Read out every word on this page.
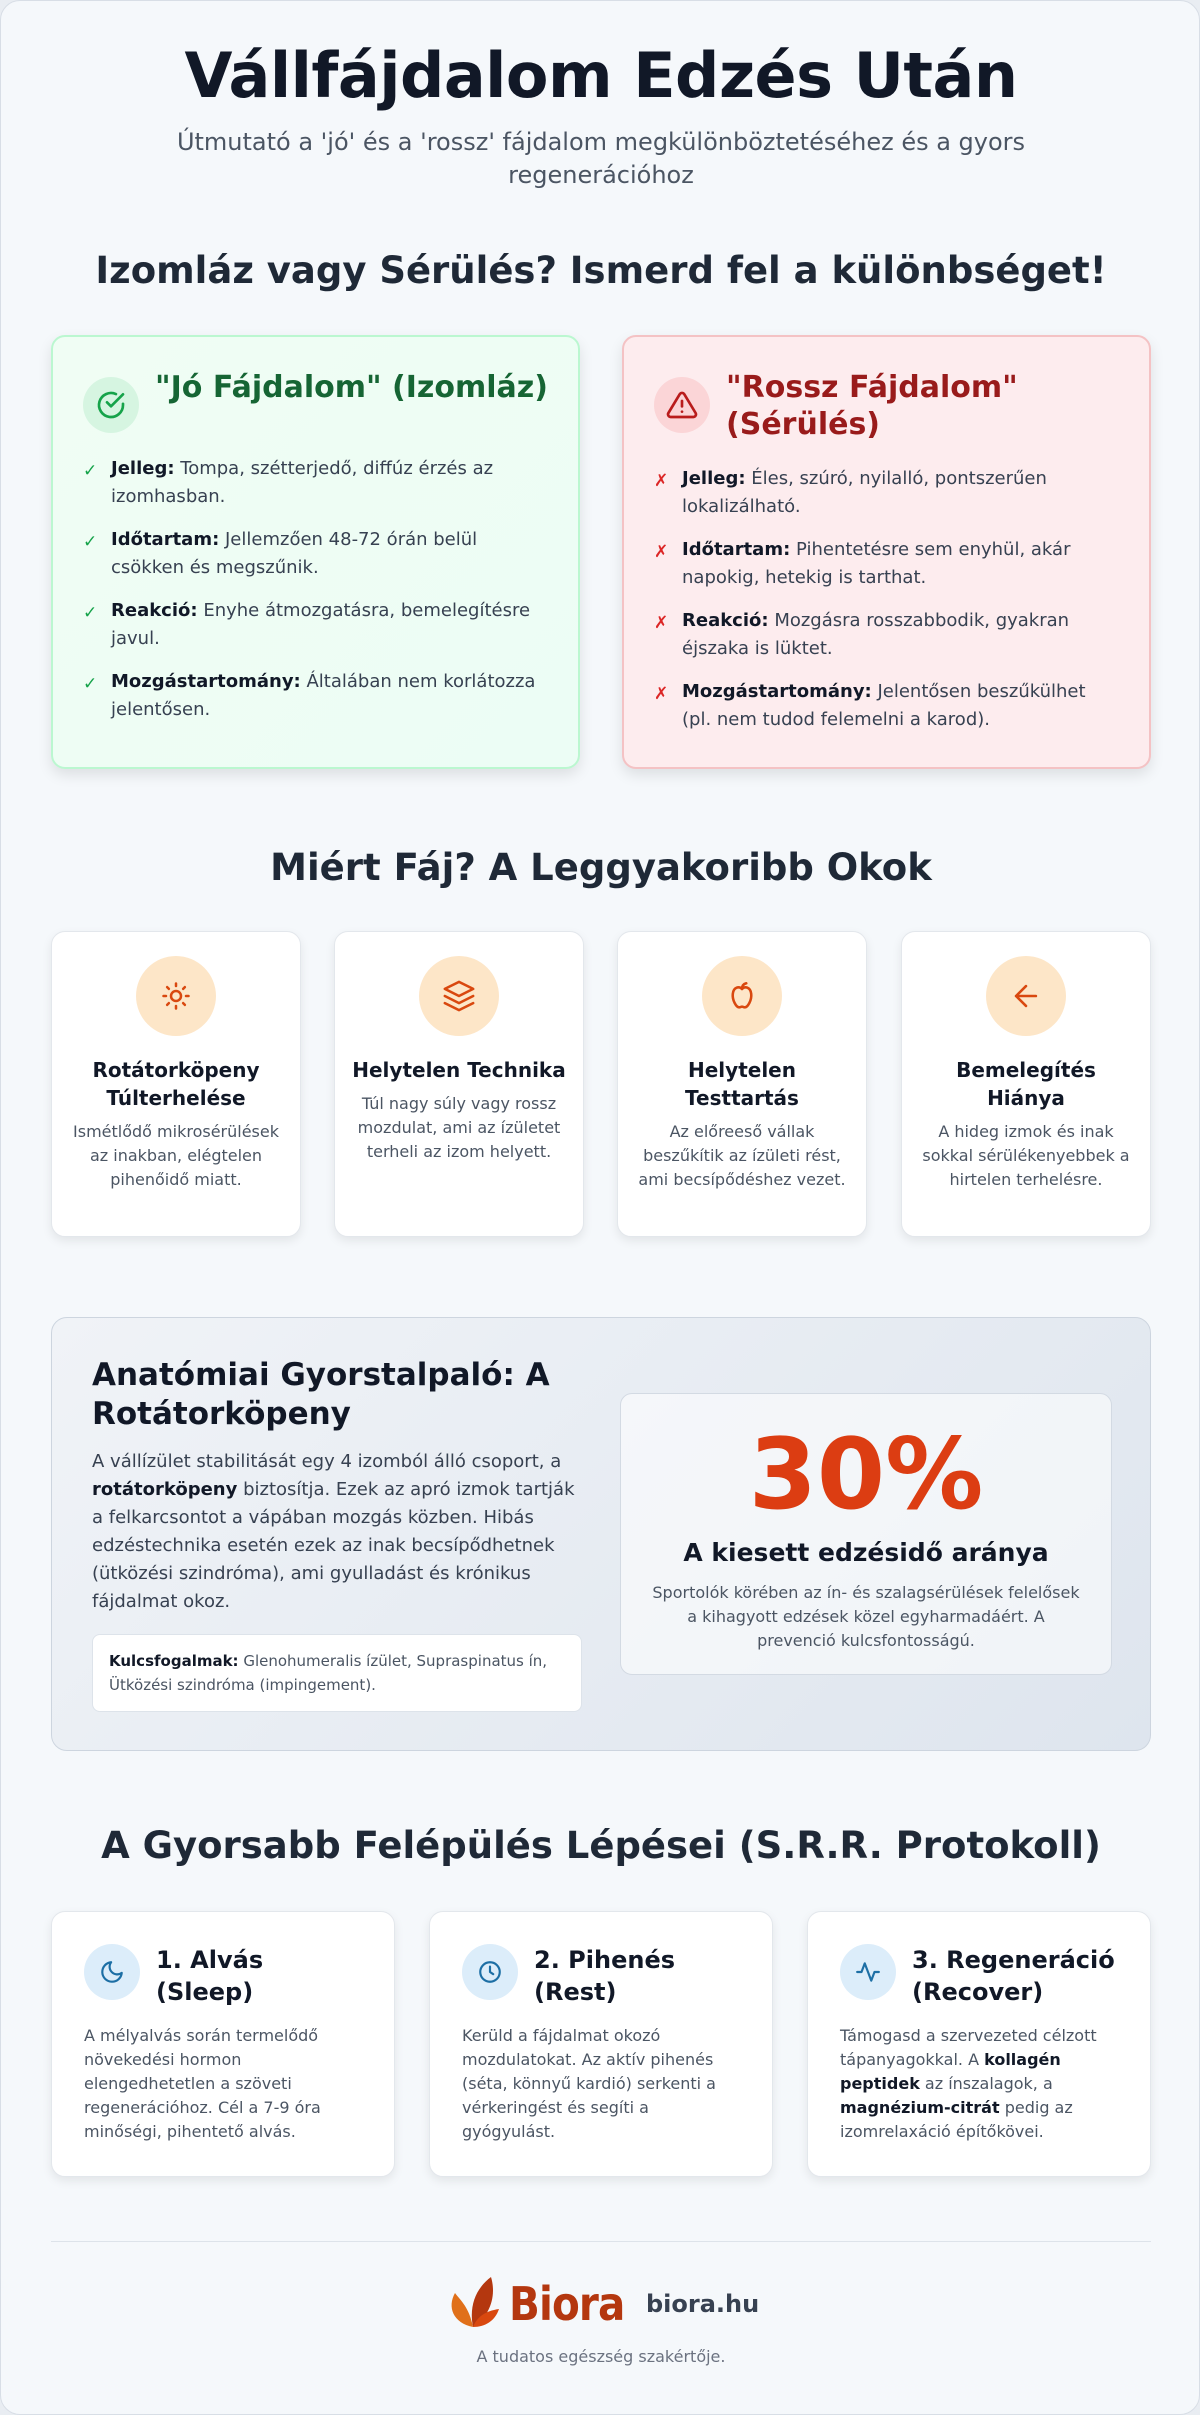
Vállfájdalom Edzés Után

Útmutató a 'jó' és a 'rossz' fájdalom megkülönböztetéséhez és a gyors regenerációhoz

Izomláz vagy Sérülés? Ismerd fel a különbséget!
"Jó Fájdalom" (Izomláz)
✓ Jelleg: Tompa, szétterjedő, diffúz érzés az izomhasban.
✓ Időtartam: Jellemzően 48-72 órán belül csökken és megszűnik.
✓ Reakció: Enyhe átmozgatásra, bemelegítésre javul.
✓ Mozgástartomány: Általában nem korlátozza jelentősen.
"Rossz Fájdalom" (Sérülés)
✗ Jelleg: Éles, szúró, nyilalló, pontszerűen lokalizálható.
✗ Időtartam: Pihentetésre sem enyhül, akár napokig, hetekig is tarthat.
✗ Reakció: Mozgásra rosszabbodik, gyakran éjszaka is lüktet.
✗ Mozgástartomány: Jelentősen beszűkülhet (pl. nem tudod felemelni a karod).
Miért Fáj? A Leggyakoribb Okok
Rotátorköpeny Túlterhelése
Ismétlődő mikrosérülések az inakban, elégtelen pihenőidő miatt.
Helytelen Technika
Túl nagy súly vagy rossz mozdulat, ami az ízületet terheli az izom helyett.
Helytelen Testtartás
Az előreeső vállak beszűkítik az ízületi rést, ami becsípődéshez vezet.
Bemelegítés Hiánya
A hideg izmok és inak sokkal sérülékenyebbek a hirtelen terhelésre.
Anatómiai Gyorstalpaló: A Rotátorköpeny

A vállízület stabilitását egy 4 izomból álló csoport, a rotátorköpeny biztosítja. Ezek az apró izmok tartják a felkarcsontot a vápában mozgás közben. Hibás edzéstechnika esetén ezek az inak becsípődhetnek (ütközési szindróma), ami gyulladást és krónikus fájdalmat okoz.

Kulcsfogalmak: Glenohumeralis ízület, Supraspinatus ín, Ütközési szindróma (impingement).
30%
A kiesett edzésidő aránya
Sportolók körében az ín- és szalagsérülések felelősek a kihagyott edzések közel egyharmadáért. A prevenció kulcsfontosságú.
A Gyorsabb Felépülés Lépései (S.R.R. Protokoll)
1. Alvás (Sleep)

A mélyalvás során termelődő növekedési hormon elengedhetetlen a szöveti regenerációhoz. Cél a 7-9 óra minőségi, pihentető alvás.

2. Pihenés (Rest)

Kerüld a fájdalmat okozó mozdulatokat. Az aktív pihenés (séta, könnyű kardió) serkenti a vérkeringést és segíti a gyógyulást.

3. Regeneráció (Recover)

Támogasd a szervezeted célzott tápanyagokkal. A kollagén peptidek az ínszalagok, a magnézium-citrát pedig az izomrelaxáció építőkövei.

Biora biora.hu

A tudatos egészség szakértője.
